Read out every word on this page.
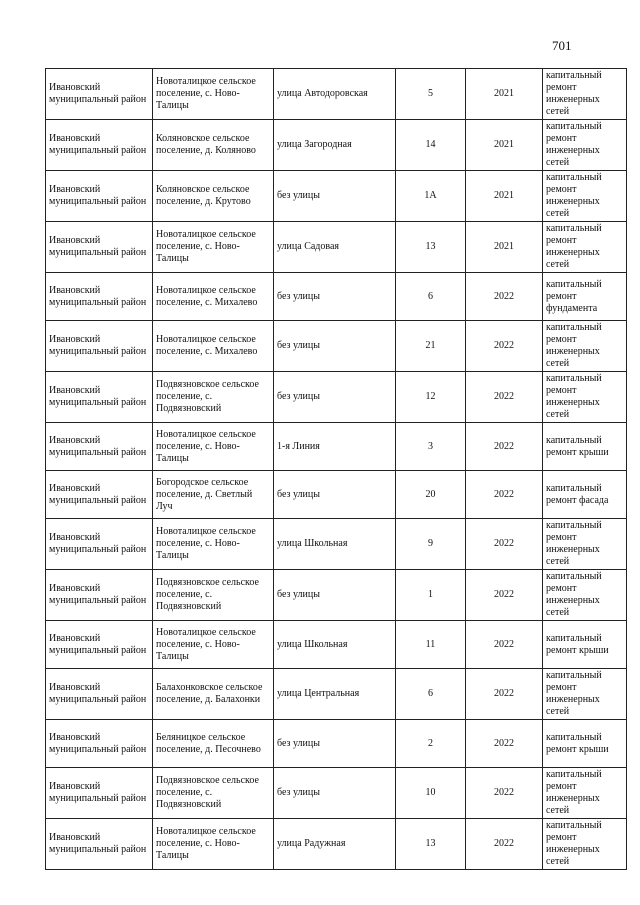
701
Ивановский муниципальный район	Новоталицкое сельское поселение, с. Ново-Талицы	улица Автодоровская	5	2021	капитальный ремонт инженерных сетей
Ивановский муниципальный район	Коляновское сельское поселение, д. Коляново	улица Загородная	14	2021	капитальный ремонт инженерных сетей
Ивановский муниципальный район	Коляновское сельское поселение, д. Крутово	без улицы	1А	2021	капитальный ремонт инженерных сетей
Ивановский муниципальный район	Новоталицкое сельское поселение, с. Ново-Талицы	улица Садовая	13	2021	капитальный ремонт инженерных сетей
Ивановский муниципальный район	Новоталицкое сельское поселение, с. Михалево	без улицы	6	2022	капитальный ремонт фундамента
Ивановский муниципальный район	Новоталицкое сельское поселение, с. Михалево	без улицы	21	2022	капитальный ремонт инженерных сетей
Ивановский муниципальный район	Подвязновское сельское поселение, с. Подвязновский	без улицы	12	2022	капитальный ремонт инженерных сетей
Ивановский муниципальный район	Новоталицкое сельское поселение, с. Ново-Талицы	1-я Линия	3	2022	капитальный ремонт крыши
Ивановский муниципальный район	Богородское сельское поселение, д. Светлый Луч	без улицы	20	2022	капитальный ремонт фасада
Ивановский муниципальный район	Новоталицкое сельское поселение, с. Ново-Талицы	улица Школьная	9	2022	капитальный ремонт инженерных сетей
Ивановский муниципальный район	Подвязновское сельское поселение, с. Подвязновский	без улицы	1	2022	капитальный ремонт инженерных сетей
Ивановский муниципальный район	Новоталицкое сельское поселение, с. Ново-Талицы	улица Школьная	11	2022	капитальный ремонт крыши
Ивановский муниципальный район	Балахонковское сельское поселение, д. Балахонки	улица Центральная	6	2022	капитальный ремонт инженерных сетей
Ивановский муниципальный район	Беляницкое сельское поселение, д. Песочнево	без улицы	2	2022	капитальный ремонт крыши
Ивановский муниципальный район	Подвязновское сельское поселение, с. Подвязновский	без улицы	10	2022	капитальный ремонт инженерных сетей
Ивановский муниципальный район	Новоталицкое сельское поселение, с. Ново-Талицы	улица Радужная	13	2022	капитальный ремонт инженерных сетей
